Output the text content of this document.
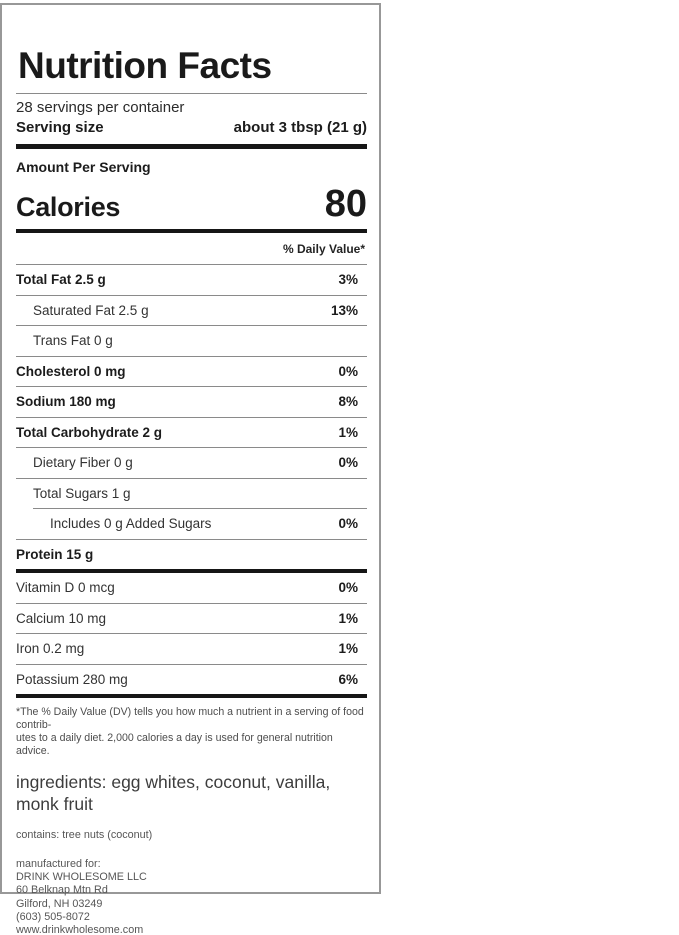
Nutrition Facts
28 servings per container
Serving size	about 3 tbsp (21 g)
Amount Per Serving
Calories	80
% Daily Value*
Total Fat 2.5 g	3%
Saturated Fat 2.5 g	13%
Trans Fat 0 g
Cholesterol 0 mg	0%
Sodium 180 mg	8%
Total Carbohydrate 2 g	1%
Dietary Fiber 0 g	0%
Total Sugars 1 g
Includes 0 g Added Sugars	0%
Protein 15 g
Vitamin D 0 mcg	0%
Calcium 10 mg	1%
Iron 0.2 mg	1%
Potassium 280 mg	6%
*The % Daily Value (DV) tells you how much a nutrient in a serving of food contrib-
utes to a daily diet. 2,000 calories a day is used for general nutrition advice.
ingredients: egg whites, coconut, vanilla,
monk fruit
contains: tree nuts (coconut)
manufactured for:
DRINK WHOLESOME LLC
60 Belknap Mtn Rd
Gilford, NH 03249
(603) 505-8072
www.drinkwholesome.com
